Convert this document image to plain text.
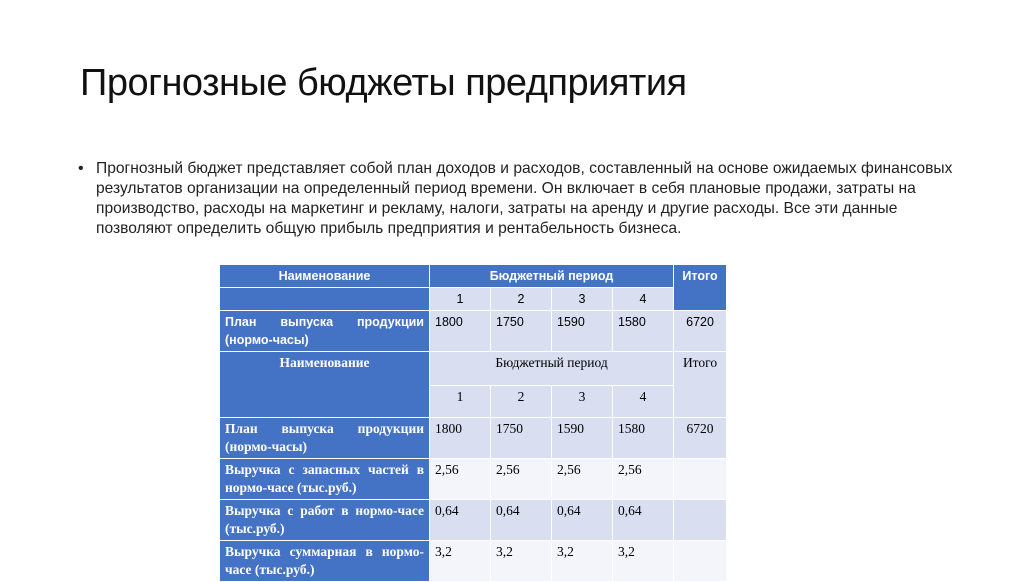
Прогнозные бюджеты предприятия
• Прогнозный бюджет представляет собой план доходов и расходов, составленный на основе ожидаемых финансовых результатов организации на определенный период времени. Он включает в себя плановые продажи, затраты на производство, расходы на маркетинг и рекламу, налоги, затраты на аренду и другие расходы. Все эти данные позволяют определить общую прибыль предприятия и рентабельность бизнеса.
Наименование	Бюджетный период				Итого
	1	2	3	4	
План выпуска продукции (нормо-часы)	1800	1750	1590	1580	6720
Наименование	Бюджетный период				Итого
	1	2	3	4	
План выпуска продукции (нормо-часы)	1800	1750	1590	1580	6720
Выручка с запасных частей в нормо-часе (тыс.руб.)	2,56	2,56	2,56	2,56	
Выручка с работ в нормо-часе (тыс.руб.)	0,64	0,64	0,64	0,64	
Выручка суммарная в нормо-часе (тыс.руб.)	3,2	3,2	3,2	3,2	
